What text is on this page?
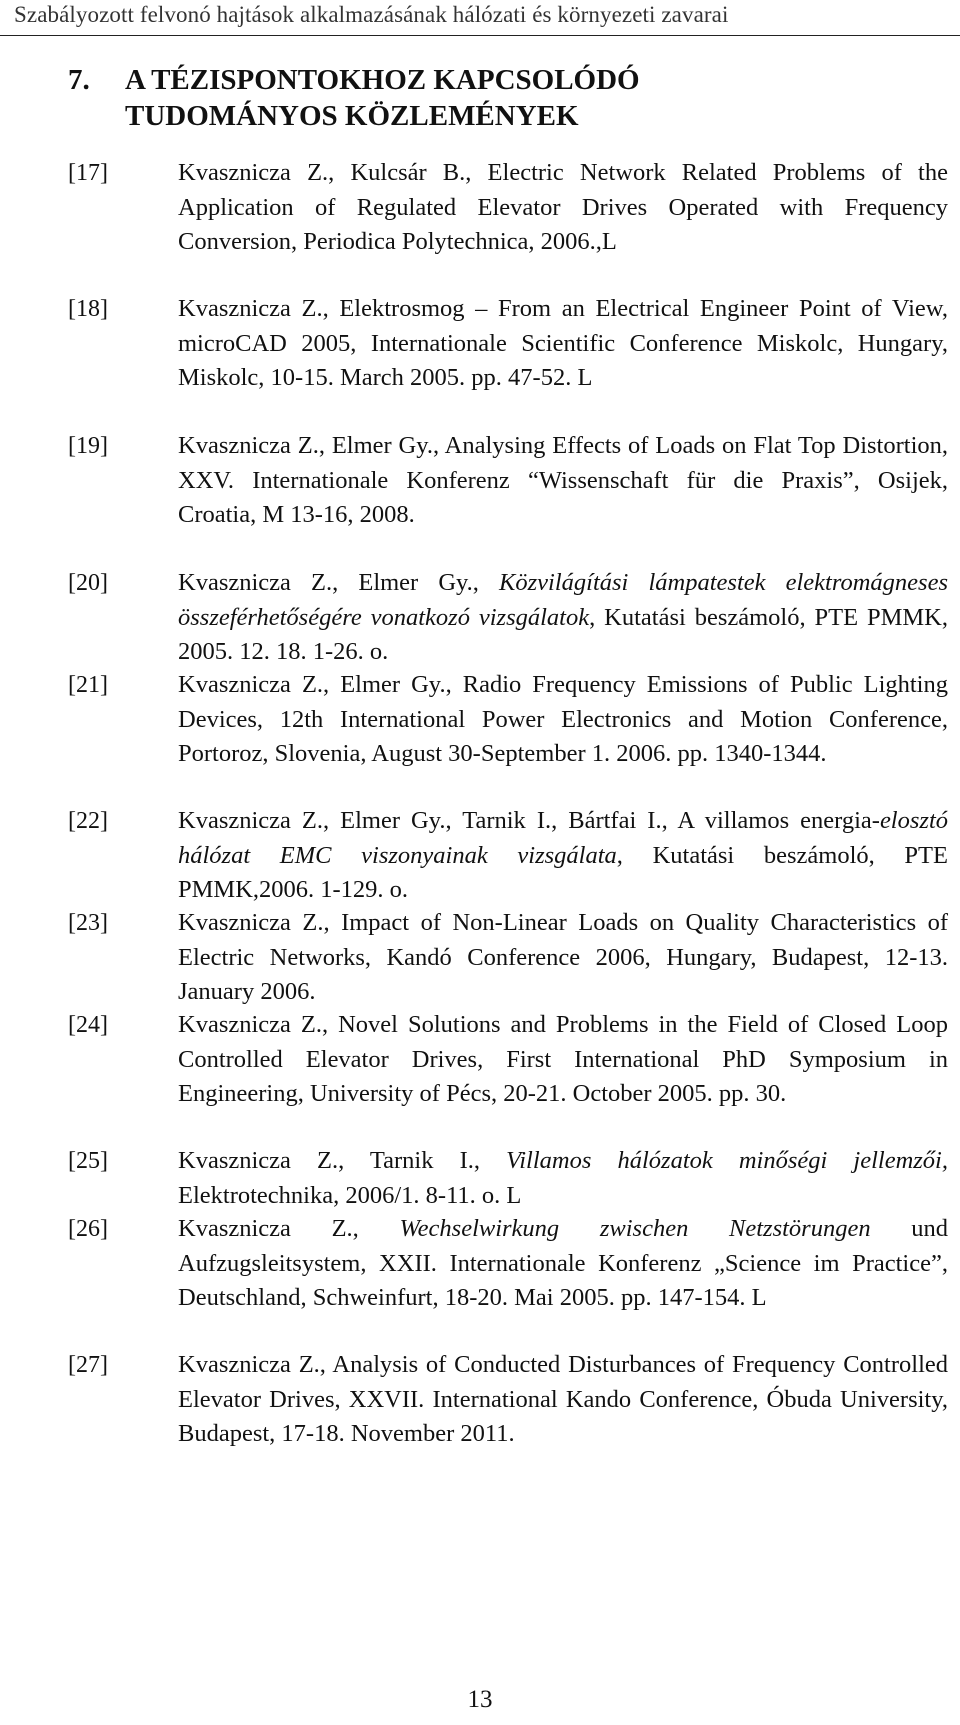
Szabályozott felvonó hajtások alkalmazásának hálózati és környezeti zavarai
7. A TÉZISPONTOKHOZ KAPCSOLÓDÓ
TUDOMÁNYOS KÖZLEMÉNYEK
[17]	Kvasznicza Z., Kulcsár B., Electric Network Related Problems of the Application of Regulated Elevator Drives Operated with Frequency Conversion, Periodica Polytechnica, 2006.,L
[18]	Kvasznicza Z., Elektrosmog – From an Electrical Engineer Point of View, microCAD 2005, Internationale Scientific Conference Miskolc, Hungary, Miskolc, 10-15. March 2005. pp. 47-52. L
[19]	Kvasznicza Z., Elmer Gy., Analysing Effects of Loads on Flat Top Distortion, XXV. Internationale Konferenz “Wissenschaft für die Praxis”, Osijek, Croatia, M 13-16, 2008.
[20]	Kvasznicza Z., Elmer Gy., Közvilágítási lámpatestek elektromágneses összeférhetőségére vonatkozó vizsgálatok, Kutatási beszámoló, PTE PMMK, 2005. 12. 18. 1-26. o.
[21]	Kvasznicza Z., Elmer Gy., Radio Frequency Emissions of Public Lighting Devices, 12th International Power Electronics and Motion Conference, Portoroz, Slovenia, August 30-September 1. 2006. pp. 1340-1344.
[22]	Kvasznicza Z., Elmer Gy., Tarnik I., Bártfai I., A villamos energia-elosztó hálózat EMC viszonyainak vizsgálata, Kutatási beszámoló, PTE PMMK,2006. 1-129. o.
[23]	Kvasznicza Z., Impact of Non-Linear Loads on Quality Characteristics of Electric Networks, Kandó Conference 2006, Hungary, Budapest, 12-13. January 2006.
[24]	Kvasznicza Z., Novel Solutions and Problems in the Field of Closed Loop Controlled Elevator Drives, First International PhD Symposium in Engineering, University of Pécs, 20-21. October 2005. pp. 30.
[25]	Kvasznicza Z., Tarnik I., Villamos hálózatok minőségi jellemzői, Elektrotechnika, 2006/1. 8-11. o. L
[26]	Kvasznicza Z., Wechselwirkung zwischen Netzstörungen und Aufzugsleitsystem, XXII. Internationale Konferenz „Science im Practice”, Deutschland, Schweinfurt, 18-20. Mai 2005. pp. 147-154. L
[27]	Kvasznicza Z., Analysis of Conducted Disturbances of Frequency Controlled Elevator Drives, XXVII. International Kando Conference, Óbuda University, Budapest, 17-18. November 2011.
13
